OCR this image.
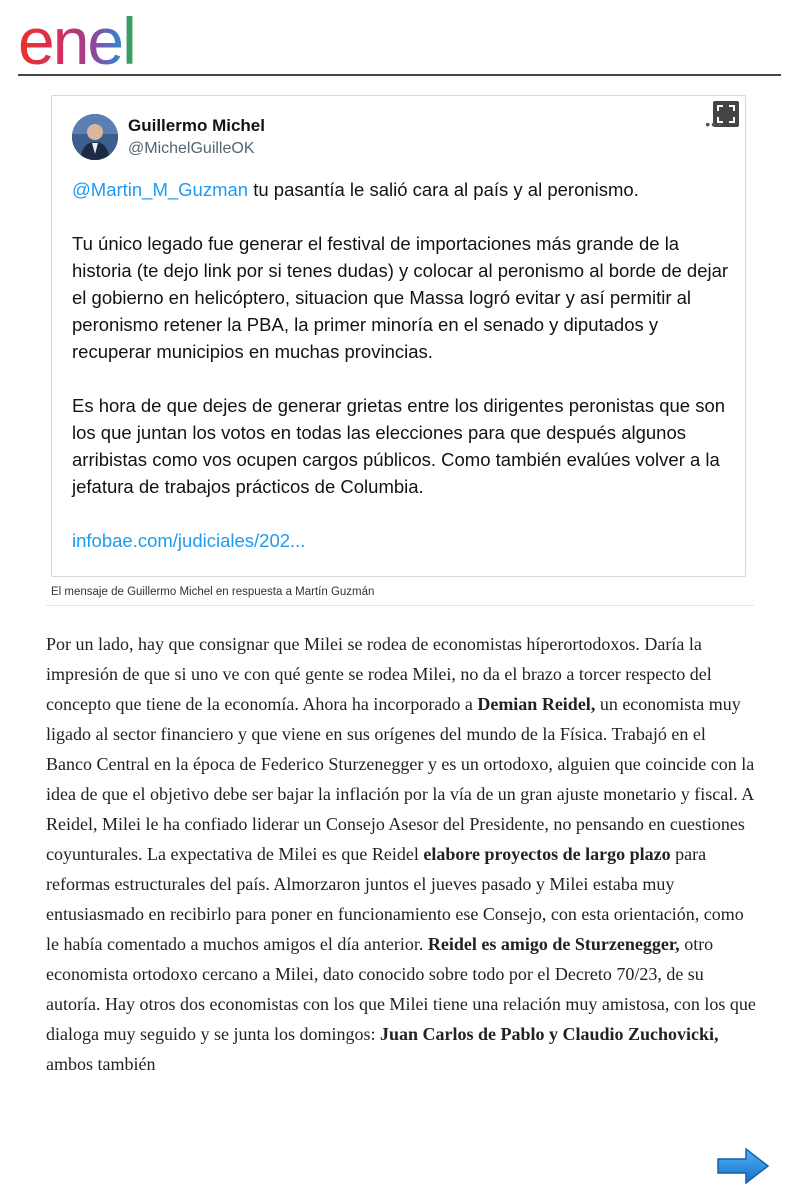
enel
Guillermo Michel
@MichelGuilleOK
•••

@Martin_M_Guzman tu pasantía le salió cara al país y al peronismo.

Tu único legado fue generar el festival de importaciones más grande de la historia (te dejo link por si tenes dudas) y colocar al peronismo al borde de dejar el gobierno en helicóptero, situacion que Massa logró evitar y así permitir al peronismo retener la PBA, la primer minoría en el senado y diputados y recuperar municipios en muchas provincias.

Es hora de que dejes de generar grietas entre los dirigentes peronistas que son los que juntan los votos en todas las elecciones para que después algunos arribistas como vos ocupen cargos públicos. Como también evalúes volver a la jefatura de trabajos prácticos de Columbia.

infobae.com/judiciales/202...

El mensaje de Guillermo Michel en respuesta a Martín Guzmán
Por un lado, hay que consignar que Milei se rodea de economistas híperortodoxos. Daría la impresión de que si uno ve con qué gente se rodea Milei, no da el brazo a torcer respecto del concepto que tiene de la economía. Ahora ha incorporado a Demian Reidel, un economista muy ligado al sector financiero y que viene en sus orígenes del mundo de la Física. Trabajó en el Banco Central en la época de Federico Sturzenegger y es un ortodoxo, alguien que coincide con la idea de que el objetivo debe ser bajar la inflación por la vía de un gran ajuste monetario y fiscal. A Reidel, Milei le ha confiado liderar un Consejo Asesor del Presidente, no pensando en cuestiones coyunturales. La expectativa de Milei es que Reidel elabore proyectos de largo plazo para reformas estructurales del país. Almorzaron juntos el jueves pasado y Milei estaba muy entusiasmado en recibirlo para poner en funcionamiento ese Consejo, con esta orientación, como le había comentado a muchos amigos el día anterior. Reidel es amigo de Sturzenegger, otro economista ortodoxo cercano a Milei, dato conocido sobre todo por el Decreto 70/23, de su autoría. Hay otros dos economistas con los que Milei tiene una relación muy amistosa, con los que dialoga muy seguido y se junta los domingos: Juan Carlos de Pablo y Claudio Zuchovicki, ambos también
